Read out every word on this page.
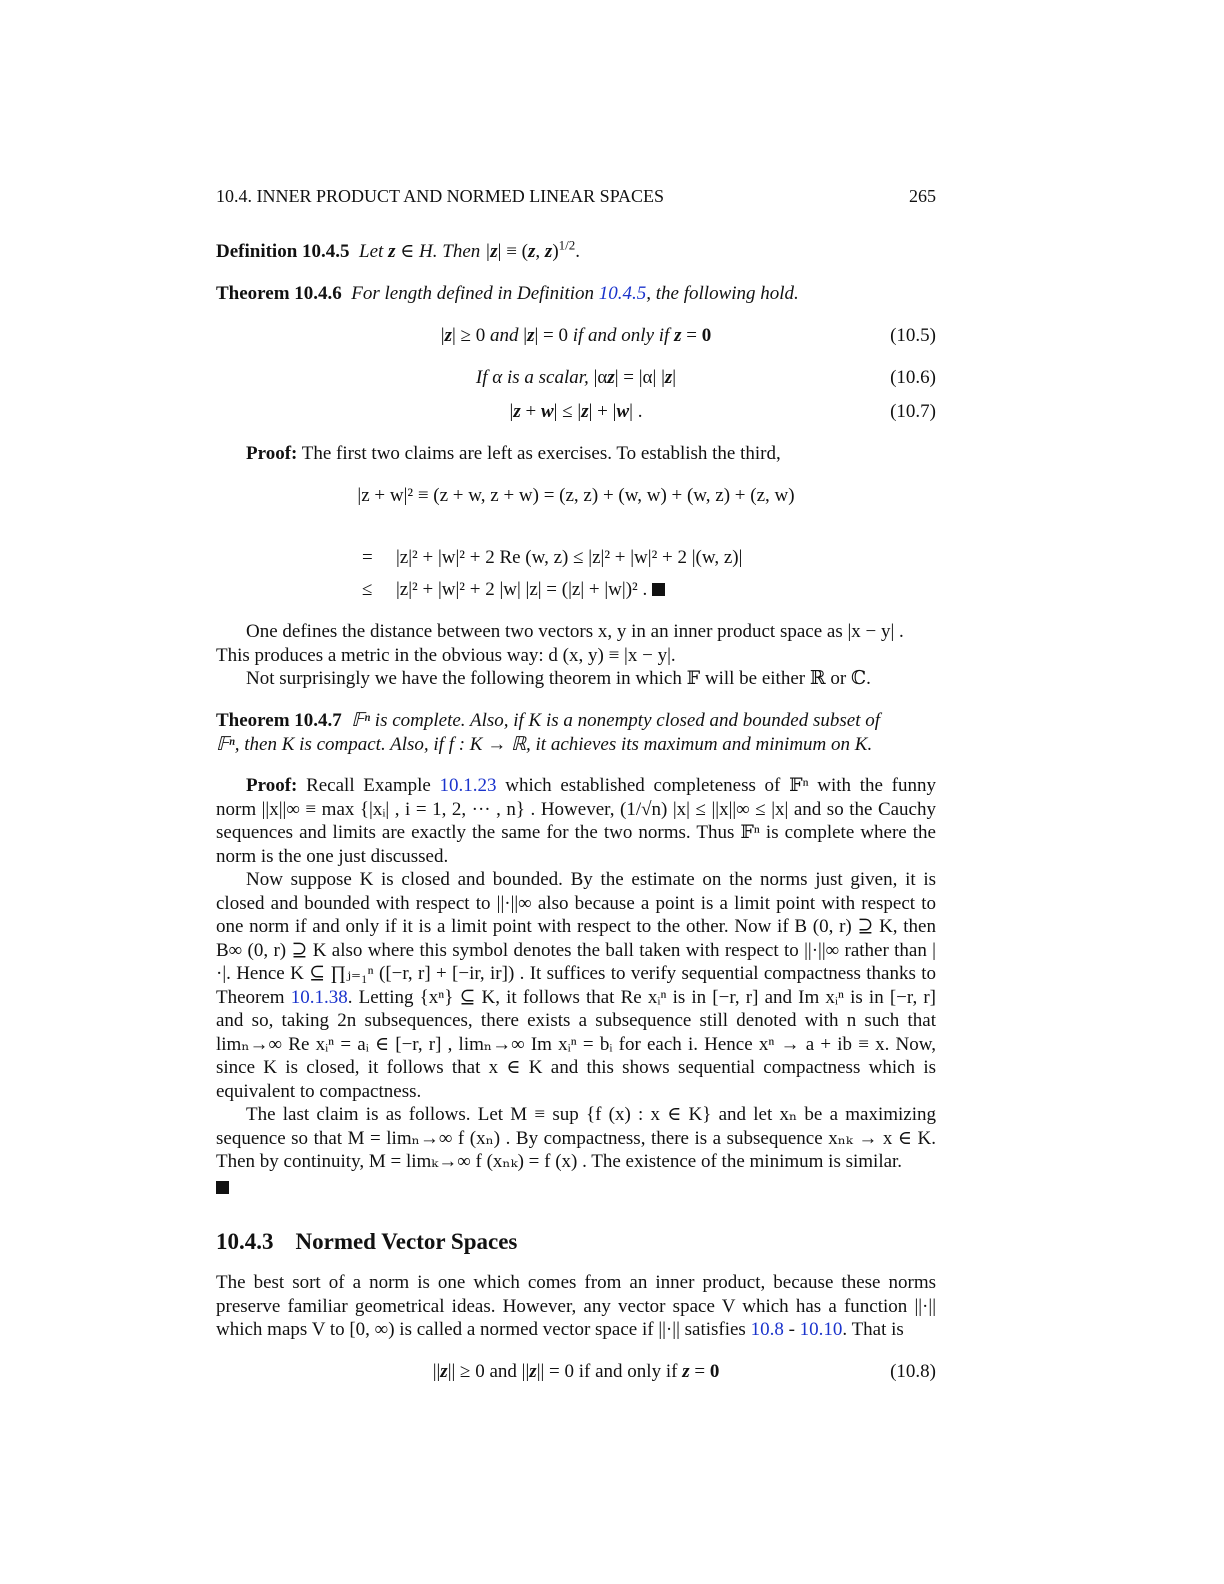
10.4. INNER PRODUCT AND NORMED LINEAR SPACES	265
Definition 10.4.5 Let z ∈ H. Then |z| ≡ (z, z)$^{1/2}$.
Theorem 10.4.6 For length defined in Definition 10.4.5, the following hold.
|z| ≥ 0 and |z| = 0 if and only if z = 0	(10.5)
If α is a scalar, |αz| = |α| |z|	(10.6)
|z + w| ≤ |z| + |w| .	(10.7)
Proof: The first two claims are left as exercises. To establish the third,
|z + w|² ≡ (z + w, z + w) = (z, z) + (w, w) + (w, z) + (z, w)
= |z|² + |w|² + 2 Re (w, z) ≤ |z|² + |w|² + 2 |(w, z)|
≤ |z|² + |w|² + 2 |w| |z| = (|z| + |w|)² .
One defines the distance between two vectors x, y in an inner product space as |x − y| .
This produces a metric in the obvious way: d (x, y) ≡ |x − y|.
Not surprisingly we have the following theorem in which 𝔽 will be either ℝ or ℂ.
Theorem 10.4.7 𝔽ⁿ is complete. Also, if K is a nonempty closed and bounded subset of
𝔽ⁿ, then K is compact. Also, if f : K → ℝ, it achieves its maximum and minimum on K.

Proof: Recall Example 10.1.23 which established completeness of 𝔽ⁿ with the funny norm ||x||∞ ≡ max {|xᵢ| , i = 1, 2, ··· , n} . However, (1/√n) |x| ≤ ||x||∞ ≤ |x| and so the Cauchy sequences and limits are exactly the same for the two norms. Thus 𝔽ⁿ is complete where the norm is the one just discussed.

Now suppose K is closed and bounded. By the estimate on the norms just given, it is closed and bounded with respect to ||·||∞ also because a point is a limit point with respect to one norm if and only if it is a limit point with respect to the other. Now if B (0, r) ⊇ K, then B∞ (0, r) ⊇ K also where this symbol denotes the ball taken with respect to ||·||∞ rather than |·|. Hence K ⊆ ∏ⱼ₌₁ⁿ ([−r, r] + [−ir, ir]) . It suffices to verify sequential compactness thanks to Theorem 10.1.38. Letting {xⁿ} ⊆ K, it follows that Re xᵢⁿ is in [−r, r] and Im xᵢⁿ is in [−r, r] and so, taking 2n subsequences, there exists a subsequence still denoted with n such that limₙ→∞ Re xᵢⁿ = aᵢ ∈ [−r, r] , limₙ→∞ Im xᵢⁿ = bᵢ for each i. Hence xⁿ → a + ib ≡ x. Now, since K is closed, it follows that x ∈ K and this shows sequential compactness which is equivalent to compactness.

The last claim is as follows. Let M ≡ sup {f (x) : x ∈ K} and let xₙ be a maximizing sequence so that M = limₙ→∞ f (xₙ) . By compactness, there is a subsequence xₙₖ → x ∈ K. Then by continuity, M = limₖ→∞ f (xₙₖ) = f (x) . The existence of the minimum is similar.

10.4.3 Normed Vector Spaces

The best sort of a norm is one which comes from an inner product, because these norms preserve familiar geometrical ideas. However, any vector space V which has a function ||·|| which maps V to [0, ∞) is called a normed vector space if ||·|| satisfies 10.8 - 10.10. That is

||z|| ≥ 0 and ||z|| = 0 if and only if z = 0	(10.8)
